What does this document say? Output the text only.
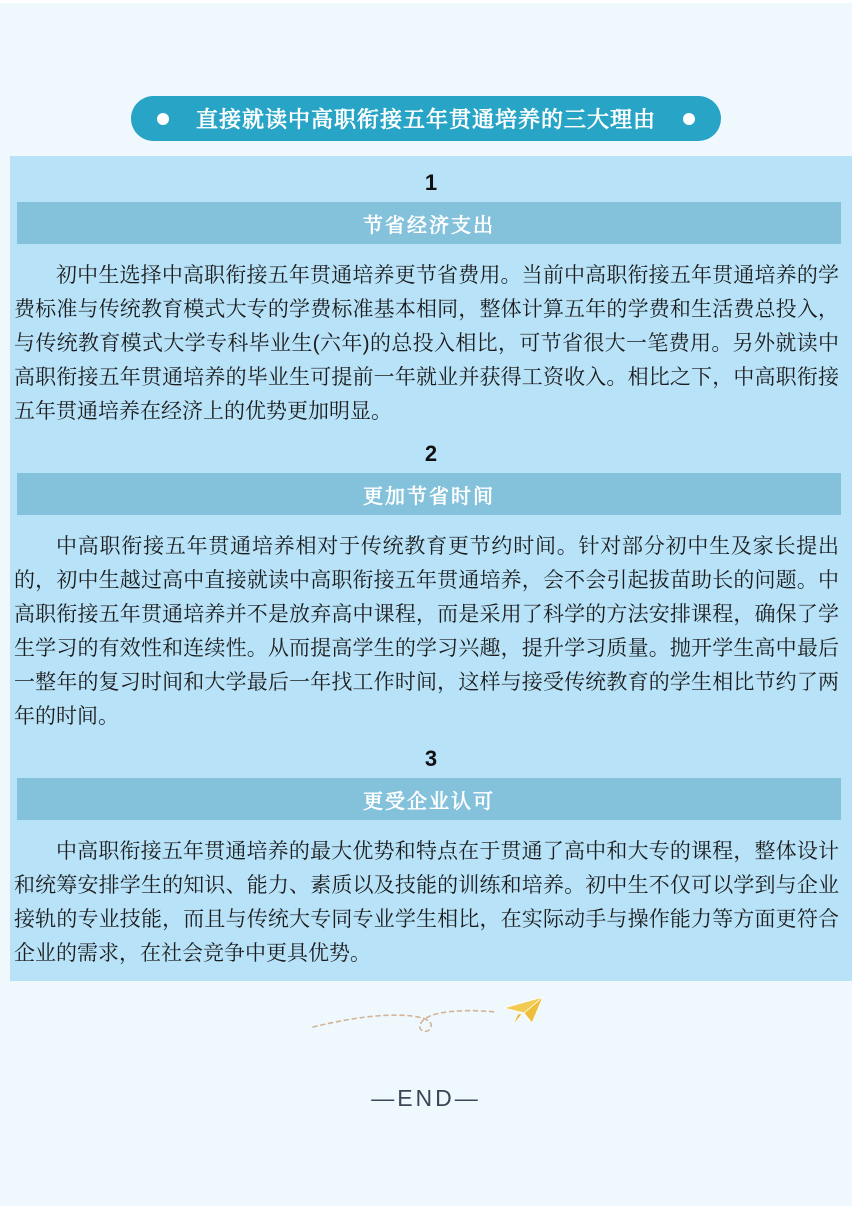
直接就读中高职衔接五年贯通培养的三大理由
1
节省经济支出

初中生选择中高职衔接五年贯通培养更节省费用。当前中高职衔接五年贯通培养的学费标准与传统教育模式大专的学费标准基本相同，整体计算五年的学费和生活费总投入，与传统教育模式大学专科毕业生(六年)的总投入相比，可节省很大一笔费用。另外就读中高职衔接五年贯通培养的毕业生可提前一年就业并获得工资收入。相比之下，中高职衔接五年贯通培养在经济上的优势更加明显。

2
更加节省时间

中高职衔接五年贯通培养相对于传统教育更节约时间。针对部分初中生及家长提出的，初中生越过高中直接就读中高职衔接五年贯通培养，会不会引起拔苗助长的问题。中高职衔接五年贯通培养并不是放弃高中课程，而是采用了科学的方法安排课程，确保了学生学习的有效性和连续性。从而提高学生的学习兴趣，提升学习质量。抛开学生高中最后一整年的复习时间和大学最后一年找工作时间，这样与接受传统教育的学生相比节约了两年的时间。

3
更受企业认可

中高职衔接五年贯通培养的最大优势和特点在于贯通了高中和大专的课程，整体设计和统筹安排学生的知识、能力、素质以及技能的训练和培养。初中生不仅可以学到与企业接轨的专业技能，而且与传统大专同专业学生相比，在实际动手与操作能力等方面更符合企业的需求，在社会竞争中更具优势。

—END—
